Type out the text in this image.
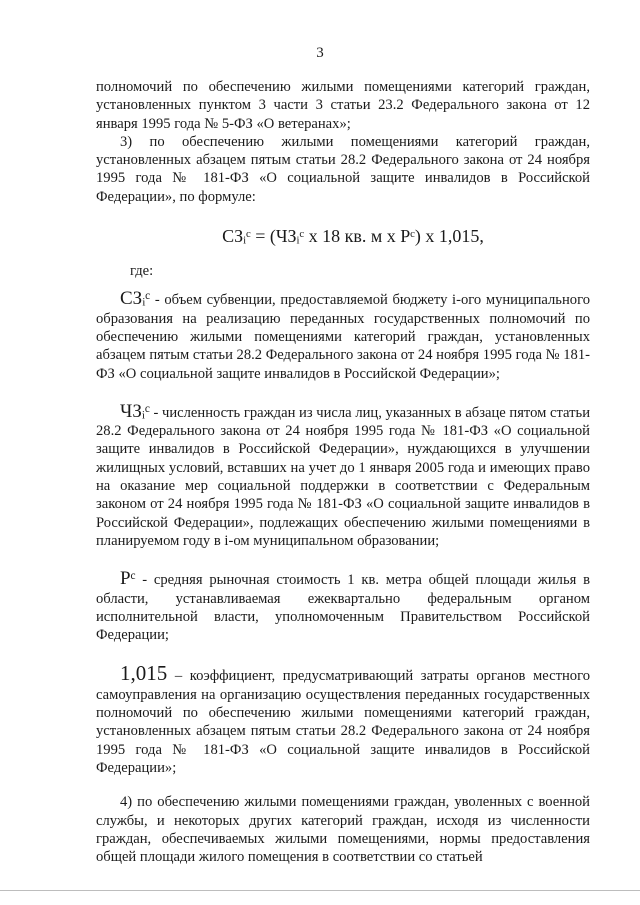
3

полномочий по обеспечению жилыми помещениями категорий граждан, установленных пунктом 3 части 3 статьи 23.2 Федерального закона от 12 января 1995 года № 5-ФЗ «О ветеранах»;

3) по обеспечению жилыми помещениями категорий граждан, установленных абзацем пятым статьи 28.2 Федерального закона от 24 ноября 1995 года № 181-ФЗ «О социальной защите инвалидов в Российской Федерации», по формуле:

СЗᵢᶜ = (ЧЗᵢᶜ х 18 кв. м х Рᶜ) х 1,015,

где:

СЗᵢᶜ - объем субвенции, предоставляемой бюджету i-ого муниципального образования на реализацию переданных государственных полномочий по обеспечению жилыми помещениями категорий граждан, установленных абзацем пятым статьи 28.2 Федерального закона от 24 ноября 1995 года № 181-ФЗ «О социальной защите инвалидов в Российской Федерации»;

ЧЗᵢᶜ - численность граждан из числа лиц, указанных в абзаце пятом статьи 28.2 Федерального закона от 24 ноября 1995 года № 181-ФЗ «О социальной защите инвалидов в Российской Федерации», нуждающихся в улучшении жилищных условий, вставших на учет до 1 января 2005 года и имеющих право на оказание мер социальной поддержки в соответствии с Федеральным законом от 24 ноября 1995 года № 181-ФЗ «О социальной защите инвалидов в Российской Федерации», подлежащих обеспечению жилыми помещениями в планируемом году в i-ом муниципальном образовании;

Рᶜ - средняя рыночная стоимость 1 кв. метра общей площади жилья в области, устанавливаемая ежеквартально федеральным органом исполнительной власти, уполномоченным Правительством Российской Федерации;

1,015 – коэффициент, предусматривающий затраты органов местного самоуправления на организацию осуществления переданных государственных полномочий по обеспечению жилыми помещениями категорий граждан, установленных абзацем пятым статьи 28.2 Федерального закона от 24 ноября 1995 года № 181-ФЗ «О социальной защите инвалидов в Российской Федерации»;

4) по обеспечению жилыми помещениями граждан, уволенных с военной службы, и некоторых других категорий граждан, исходя из численности граждан, обеспечиваемых жилыми помещениями, нормы предоставления общей площади жилого помещения в соответствии со статьей
